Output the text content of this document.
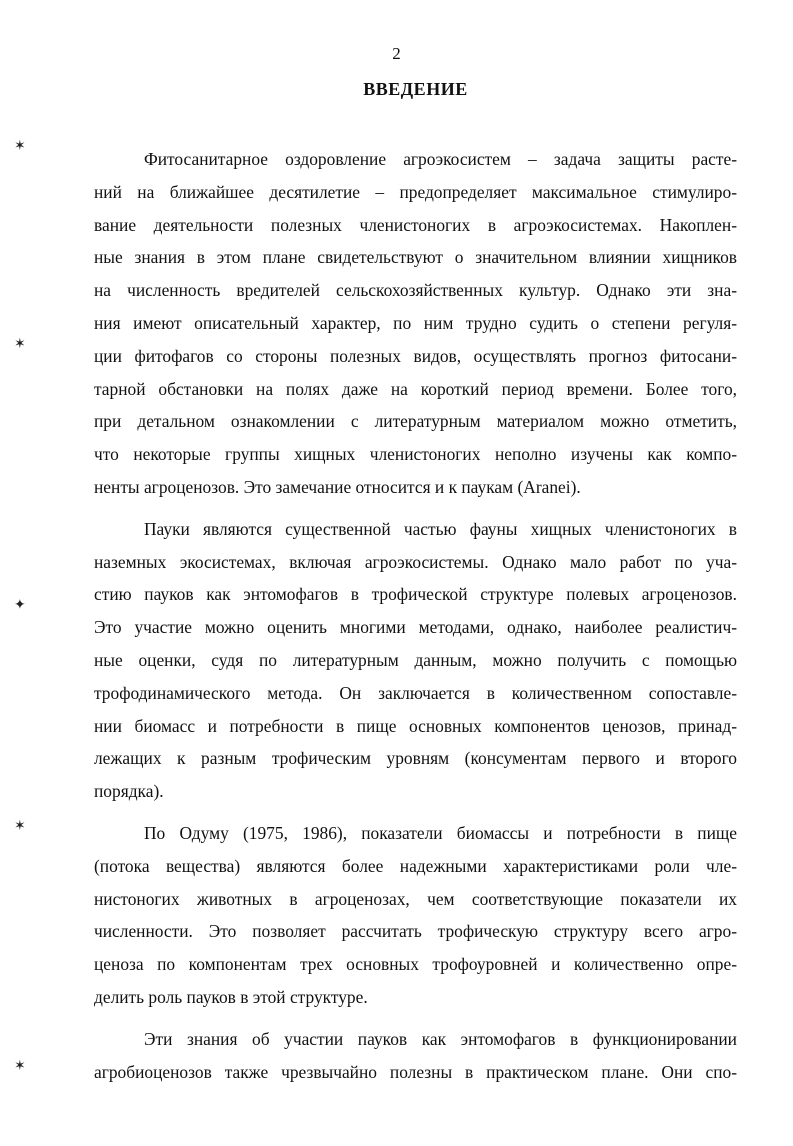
✶
✶
✦
✶
✶
2
ВВЕДЕНИЕ
Фитосанитарное оздоровление агроэкосистем – задача защиты расте-
ний на ближайшее десятилетие – предопределяет максимальное стимулиро-
вание деятельности полезных членистоногих в агроэкосистемах. Накоплен-
ные знания в этом плане свидетельствуют о значительном влиянии хищников
на численность вредителей сельскохозяйственных культур. Однако эти зна-
ния имеют описательный характер, по ним трудно судить о степени регуля-
ции фитофагов со стороны полезных видов, осуществлять прогноз фитосани-
тарной обстановки на полях даже на короткий период времени. Более того,
при детальном ознакомлении с литературным материалом можно отметить,
что некоторые группы хищных членистоногих неполно изучены как компо-
ненты агроценозов. Это замечание относится и к паукам (Aranei).
Пауки являются существенной частью фауны хищных членистоногих в
наземных экосистемах, включая агроэкосистемы. Однако мало работ по уча-
стию пауков как энтомофагов в трофической структуре полевых агроценозов.
Это участие можно оценить многими методами, однако, наиболее реалистич-
ные оценки, судя по литературным данным, можно получить с помощью
трофодинамического метода. Он заключается в количественном сопоставле-
нии биомасс и потребности в пище основных компонентов ценозов, принад-
лежащих к разным трофическим уровням (консументам первого и второго
порядка).
По Одуму (1975, 1986), показатели биомассы и потребности в пище
(потока вещества) являются более надежными характеристиками роли чле-
нистоногих животных в агроценозах, чем соответствующие показатели их
численности. Это позволяет рассчитать трофическую структуру всего агро-
ценоза по компонентам трех основных трофоуровней и количественно опре-
делить роль пауков в этой структуре.
Эти знания об участии пауков как энтомофагов в функционировании
агробиоценозов также чрезвычайно полезны в практическом плане. Они спо-
